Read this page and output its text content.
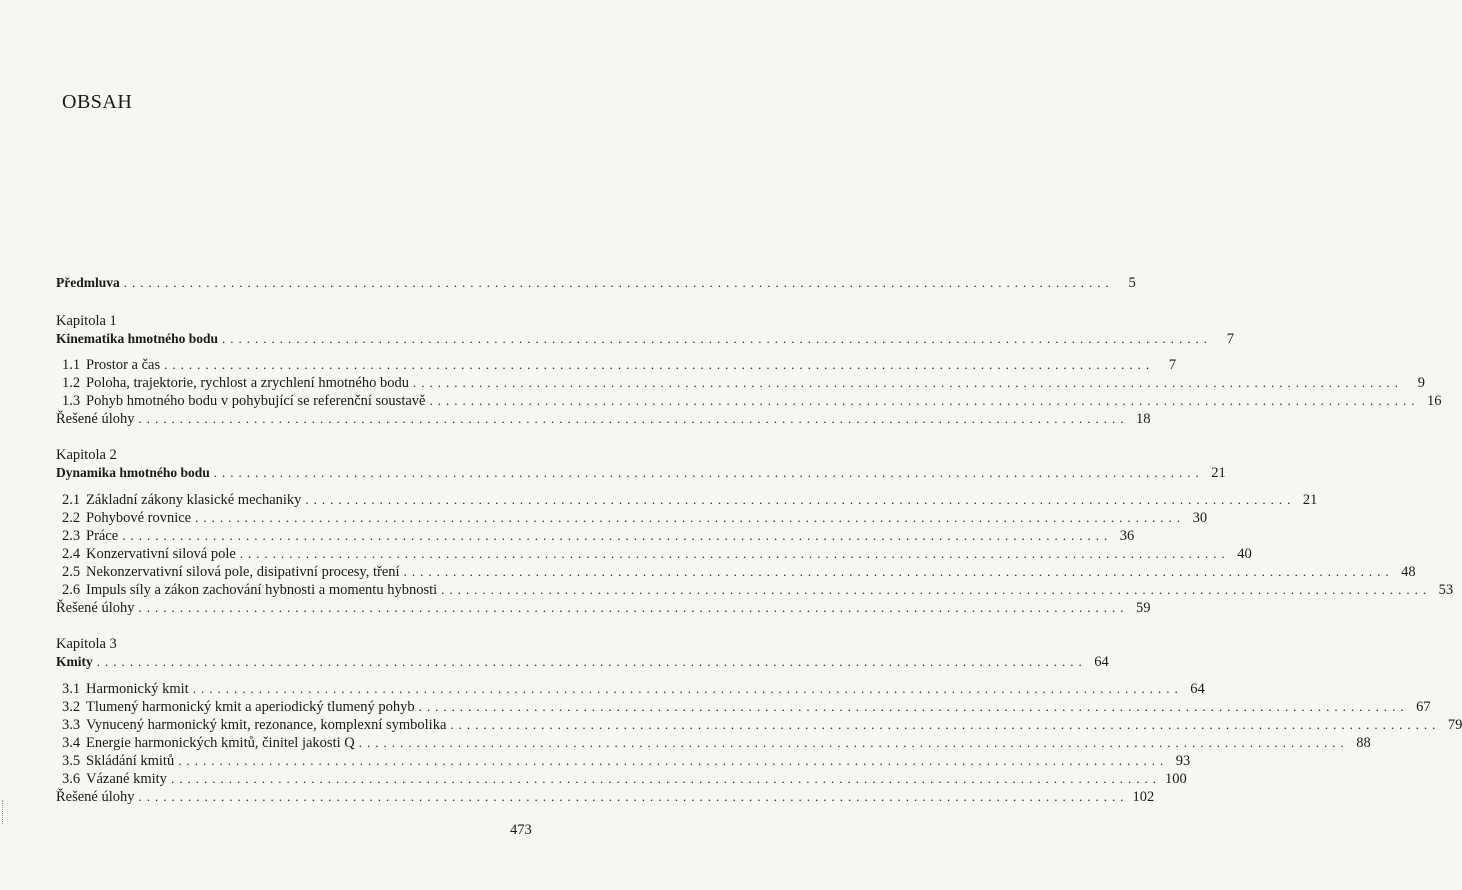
OBSAH
Předmluva ........................................................................................................................	5
Kapitola 1
Kinematika hmotného bodu ........................................................................................................................	7
1.1 Prostor a čas ........................................................................................................................	7
1.2 Poloha, trajektorie, rychlost a zrychlení hmotného bodu ........................................................................................................................	9
1.3 Pohyb hmotného bodu v pohybující se referenční soustavě ........................................................................................................................ 16
Řešené úlohy ........................................................................................................................ 18
Kapitola 2
Dynamika hmotného bodu ........................................................................................................................ 21
2.1 Základní zákony klasické mechaniky ........................................................................................................................ 21
2.2 Pohybové rovnice ........................................................................................................................ 30
2.3 Práce ........................................................................................................................ 36
2.4 Konzervativní silová pole ........................................................................................................................ 40
2.5 Nekonzervativní silová pole, disipativní procesy, tření ........................................................................................................................ 48
2.6 Impuls síly a zákon zachování hybnosti a momentu hybnosti ........................................................................................................................ 53
Řešené úlohy ........................................................................................................................ 59
Kapitola 3
Kmity ........................................................................................................................ 64
3.1 Harmonický kmit ........................................................................................................................ 64
3.2 Tlumený harmonický kmit a aperiodický tlumený pohyb ........................................................................................................................ 67
3.3 Vynucený harmonický kmit, rezonance, komplexní symbolika ........................................................................................................................ 79
3.4 Energie harmonických kmitů, činitel jakosti Q ........................................................................................................................ 88
3.5 Skládání kmitů ........................................................................................................................ 93
3.6 Vázané kmity ........................................................................................................................ 100
Řešené úlohy ........................................................................................................................ 102
473
